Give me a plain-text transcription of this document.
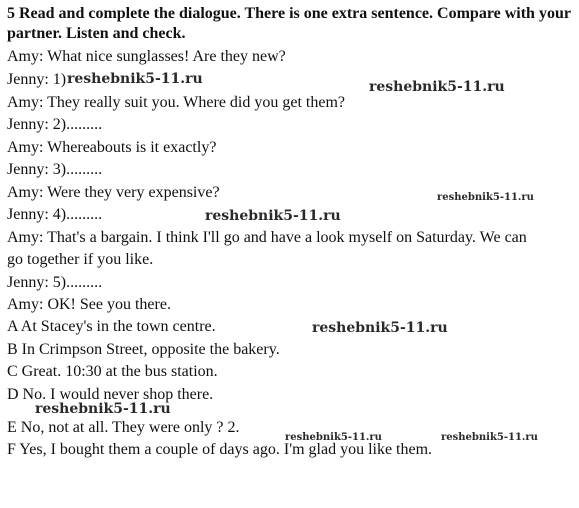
5 Read and complete the dialogue. There is one extra sentence. Compare with your partner. Listen and check.

Amy: What nice sunglasses! Are they new?

Jenny: 1)

Amy: They really suit you. Where did you get them?

Jenny: 2).........

Amy: Whereabouts is it exactly?

Jenny: 3).........

Amy: Were they very expensive?

Jenny: 4).........

Amy: That's a bargain. I think I'll go and have a look myself on Saturday. We can

go together if you like.

Jenny: 5).........

Amy: OK! See you there.

A At Stacey's in the town centre.

B In Crimpson Street, opposite the bakery.

C Great. 10:30 at the bus station.

D No. I would never shop there.

E No, not at all. They were only ? 2.

F Yes, I bought them a couple of days ago. I'm glad you like them.

reshebnik5-11.ru	reshebnik5-11.ru
reshebnik5-11.ru
reshebnik5-11.ru
reshebnik5-11.ru
reshebnik5-11.ru
reshebnik5-11.ru	reshebnik5-11.ru
